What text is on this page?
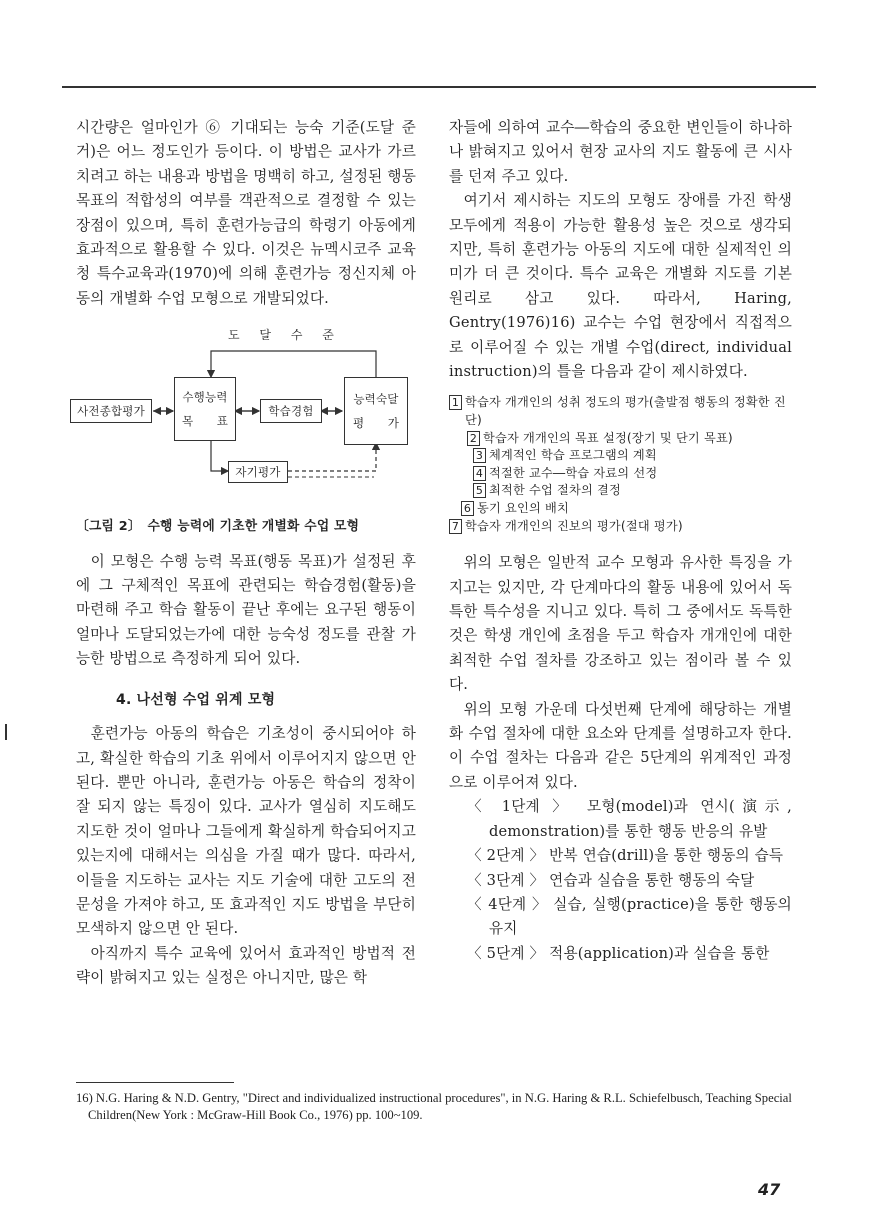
시간량은 얼마인가 ⑥ 기대되는 능숙 기준(도달 준거)은 어느 정도인가 등이다. 이 방법은 교사가 가르치려고 하는 내용과 방법을 명백히 하고, 설정된 행동 목표의 적합성의 여부를 객관적으로 결정할 수 있는 장점이 있으며, 특히 훈련가능급의 학령기 아동에게 효과적으로 활용할 수 있다. 이것은 뉴멕시코주 교육청 특수교육과(1970)에 의해 훈련가능 정신지체 아동의 개별화 수업 모형으로 개발되었다.

도 달 수 준
사전종합평가
수행능력
목　　표
학습경험
능력숙달
평　　가
자기평가
〔그림 2〕　수행 능력에 기초한 개별화 수업 모형

이 모형은 수행 능력 목표(행동 목표)가 설정된 후에 그 구체적인 목표에 관련되는 학습경험(활동)을 마련해 주고 학습 활동이 끝난 후에는 요구된 행동이 얼마나 도달되었는가에 대한 능숙성 정도를 관찰 가능한 방법으로 측정하게 되어 있다.

4. 나선형 수업 위계 모형

훈련가능 아동의 학습은 기초성이 중시되어야 하고, 확실한 학습의 기초 위에서 이루어지지 않으면 안 된다. 뿐만 아니라, 훈련가능 아동은 학습의 정착이 잘 되지 않는 특징이 있다. 교사가 열심히 지도해도 지도한 것이 얼마나 그들에게 확실하게 학습되어지고 있는지에 대해서는 의심을 가질 때가 많다. 따라서, 이들을 지도하는 교사는 지도 기술에 대한 고도의 전문성을 가져야 하고, 또 효과적인 지도 방법을 부단히 모색하지 않으면 안 된다.

아직까지 특수 교육에 있어서 효과적인 방법적 전략이 밝혀지고 있는 실정은 아니지만, 많은 학

자들에 의하여 교수―학습의 중요한 변인들이 하나하나 밝혀지고 있어서 현장 교사의 지도 활동에 큰 시사를 던져 주고 있다.

여기서 제시하는 지도의 모형도 장애를 가진 학생 모두에게 적용이 가능한 활용성 높은 것으로 생각되지만, 특히 훈련가능 아동의 지도에 대한 실제적인 의미가 더 큰 것이다. 특수 교육은 개별화 지도를 기본 원리로 삼고 있다. 따라서, Haring, Gentry(1976)16) 교수는 수업 현장에서 직접적으로 이루어질 수 있는 개별 수업(direct, individual instruction)의 틀을 다음과 같이 제시하였다.

1 학습자 개개인의 성취 정도의 평가(출발점 행동의 정확한 진단)
2 학습자 개개인의 목표 설정(장기 및 단기 목표)
3 체계적인 학습 프로그램의 계획
4 적절한 교수―학습 자료의 선정
5 최적한 수업 절차의 결정
6 동기 요인의 배치
7 학습자 개개인의 진보의 평가(절대 평가)

위의 모형은 일반적 교수 모형과 유사한 특징을 가지고는 있지만, 각 단계마다의 활동 내용에 있어서 독특한 특수성을 지니고 있다. 특히 그 중에서도 독특한 것은 학생 개인에 초점을 두고 학습자 개개인에 대한 최적한 수업 절차를 강조하고 있는 점이라 볼 수 있다.

위의 모형 가운데 다섯번째 단계에 해당하는 개별화 수업 절차에 대한 요소와 단계를 설명하고자 한다. 이 수업 절차는 다음과 같은 5단계의 위계적인 과정으로 이루어져 있다.

〈 1단계 〉 모형(model)과 연시(演示, demonstration)를 통한 행동 반응의 유발

〈 2단계 〉 반복 연습(drill)을 통한 행동의 습득

〈 3단계 〉 연습과 실습을 통한 행동의 숙달

〈 4단계 〉 실습, 실행(practice)을 통한 행동의 유지

〈 5단계 〉 적용(application)과 실습을 통한

16) N.G. Haring & N.D. Gentry, "Direct and individualized instructional procedures", in N.G. Haring & R.L. Schiefelbusch, Teaching Special Children(New York : McGraw-Hill Book Co., 1976) pp. 100~109.

47
